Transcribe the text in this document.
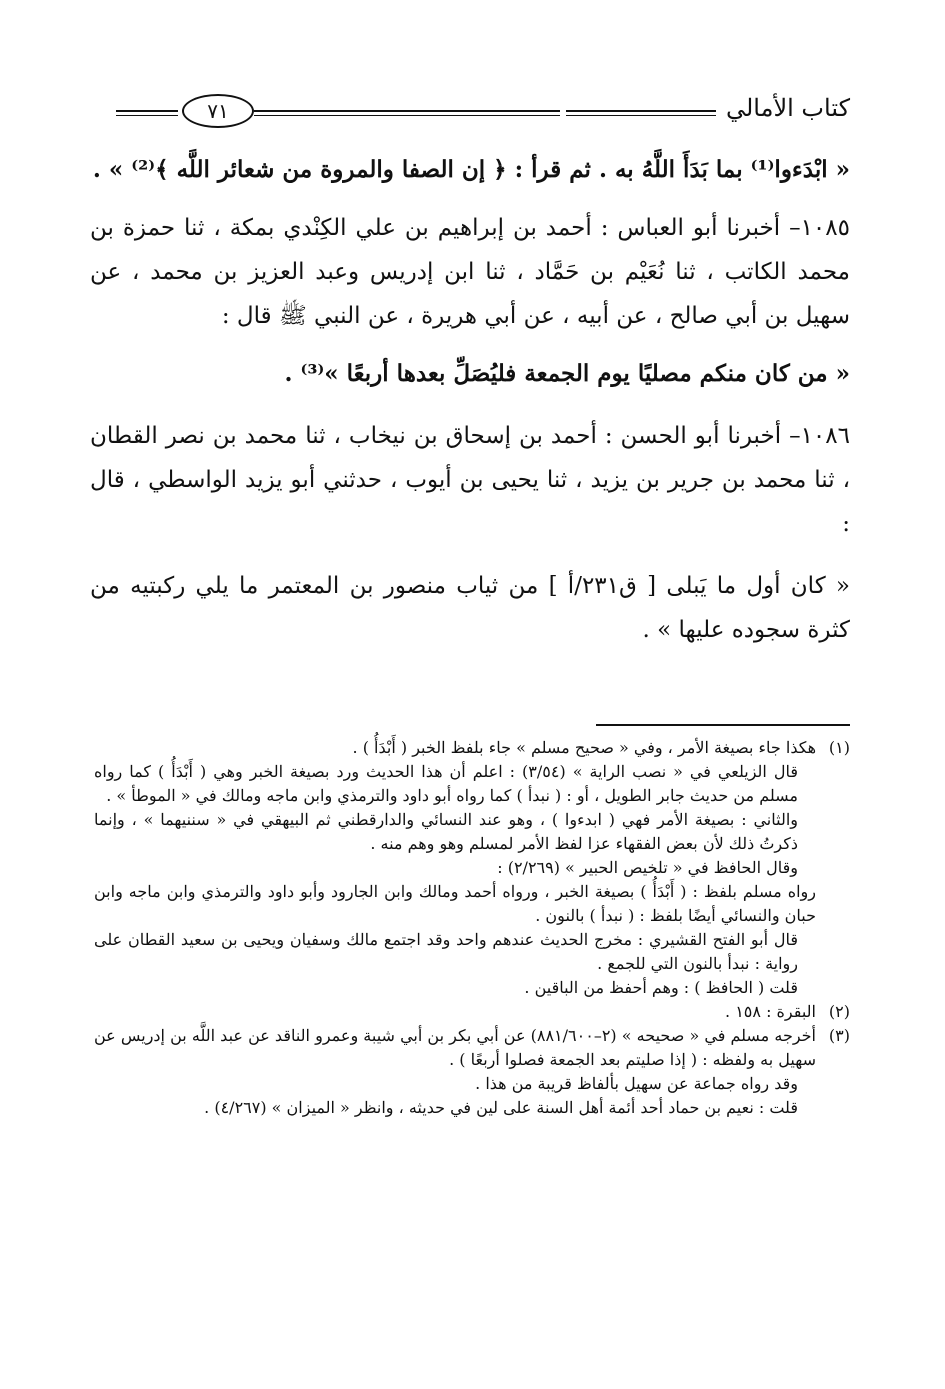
كتاب الأمالي
٧١

« ابْدَءوا⁽¹⁾ بما بَدَأَ اللَّهُ به . ثم قرأ : ﴿ إن الصفا والمروة من شعائر اللَّه ﴾⁽²⁾ » .

١٠٨٥– أخبرنا أبو العباس : أحمد بن إبراهيم بن علي الكِنْدي بمكة ، ثنا حمزة بن محمد الكاتب ، ثنا نُعَيْم بن حَمَّاد ، ثنا ابن إدريس وعبد العزيز بن محمد ، عن سهيل بن أبي صالح ، عن أبيه ، عن أبي هريرة ، عن النبي ﷺ قال :

« من كان منكم مصليًا يوم الجمعة فليُصَلِّ بعدها أربعًا »⁽³⁾ .

١٠٨٦– أخبرنا أبو الحسن : أحمد بن إسحاق بن نيخاب ، ثنا محمد بن نصر القطان ، ثنا محمد بن جرير بن يزيد ، ثنا يحيى بن أيوب ، حدثني أبو يزيد الواسطي ، قال :

« كان أول ما يَبلى [ ق٢٣١/أ ] من ثياب منصور بن المعتمر ما يلي ركبتيه من كثرة سجوده عليها » .

(١)

هكذا جاء بصيغة الأمر ، وفي « صحيح مسلم » جاء بلفظ الخبر ( أَبْدَأُ ) .

قال الزيلعي في « نصب الراية » (٣/٥٤) : اعلم أن هذا الحديث ورد بصيغة الخبر وهي ( أَبْدَأُ ) كما رواه مسلم من حديث جابر الطويل ، أو : ( نبدأ ) كما رواه أبو داود والترمذي وابن ماجه ومالك في « الموطأ » .

والثاني : بصيغة الأمر فهي ( ابدءوا ) ، وهو عند النسائي والدارقطني ثم البيهقي في « سننيهما » ، وإنما ذكرتُ ذلك لأن بعض الفقهاء عزا لفظ الأمر لمسلم وهو وهم منه .

وقال الحافظ في « تلخيص الحبير » (٢/٢٦٩) :

رواه مسلم بلفظ : ( أَبْدَأُ ) بصيغة الخبر ، ورواه أحمد ومالك وابن الجارود وأبو داود والترمذي وابن ماجه وابن حبان والنسائي أيضًا بلفظ : ( نبدأ ) بالنون .

قال أبو الفتح القشيري : مخرج الحديث عندهم واحد وقد اجتمع مالك وسفيان ويحيى بن سعيد القطان على رواية : نبدأ بالنون التي للجمع .

قلت ( الحافظ ) : وهم أحفظ من الباقين .

(٢)

البقرة : ١٥٨ .

(٣)

أخرجه مسلم في « صحيحه » (٢–٨٨١/٦٠٠) عن أبي بكر بن أبي شيبة وعمرو الناقد عن عبد اللَّه بن إدريس عن سهيل به ولفظه : ( إذا صليتم بعد الجمعة فصلوا أربعًا ) .

وقد رواه جماعة عن سهيل بألفاظ قريبة من هذا .

قلت : نعيم بن حماد أحد أئمة أهل السنة على لين في حديثه ، وانظر « الميزان » (٤/٢٦٧) .
